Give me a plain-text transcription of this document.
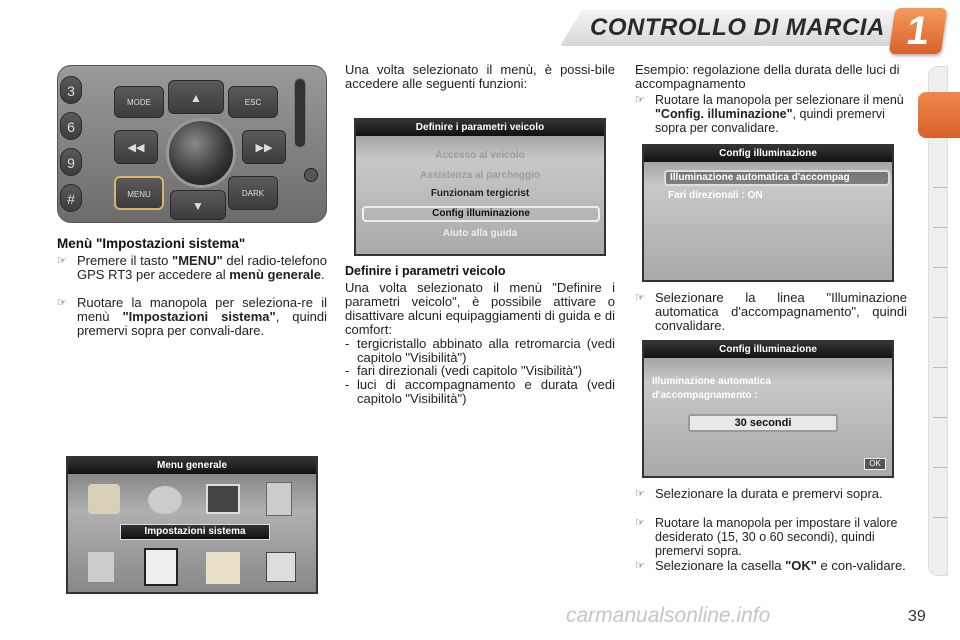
CONTROLLO DI MARCIA 1
3
6
9
#
MODE	▲	ESC
◀◀	▶▶
MENU
▼
DARK
Menù "Impostazioni sistema"
☞ Premere il tasto "MENU" del radio-telefono GPS RT3 per accedere al menù generale.
☞ Ruotare la manopola per seleziona-re il menù "Impostazioni sistema", quindi premervi sopra per convali-dare.
Menu generale
Impostazioni sistema
Una volta selezionato il menù, è possi-bile accedere alle seguenti funzioni:
Definire i parametri veicolo
Accesso al veicolo
Assistenza al parcheggio
Funzionam tergicrist
Config illuminazione
Aiuto alla guida
Definire i parametri veicolo
Una volta selezionato il menù "Definire i parametri veicolo", è possibile attivare o disattivare alcuni equipaggiamenti di guida e di comfort:
- tergicristallo abbinato alla retromarcia (vedi capitolo "Visibilità")
- fari direzionali (vedi capitolo "Visibilità")
- luci di accompagnamento e durata (vedi capitolo "Visibilità")
Esempio: regolazione della durata delle luci di accompagnamento
☞ Ruotare la manopola per selezionare il menù "Config. illuminazione", quindi premervi sopra per convalidare.
Config illuminazione
Illuminazione automatica d'accompag
Fari direzionali : ON
☞ Selezionare la linea "Illuminazione automatica d'accompagnamento", quindi convalidare.
Config illuminazione
Illuminazione automatica
d'accompagnamento :
30 secondi
OK
☞ Selezionare la durata e premervi sopra.
☞ Ruotare la manopola per impostare il valore desiderato (15, 30 o 60 secondi), quindi premervi sopra.
☞ Selezionare la casella "OK" e con-validare.
carmanualsonline.info	39
